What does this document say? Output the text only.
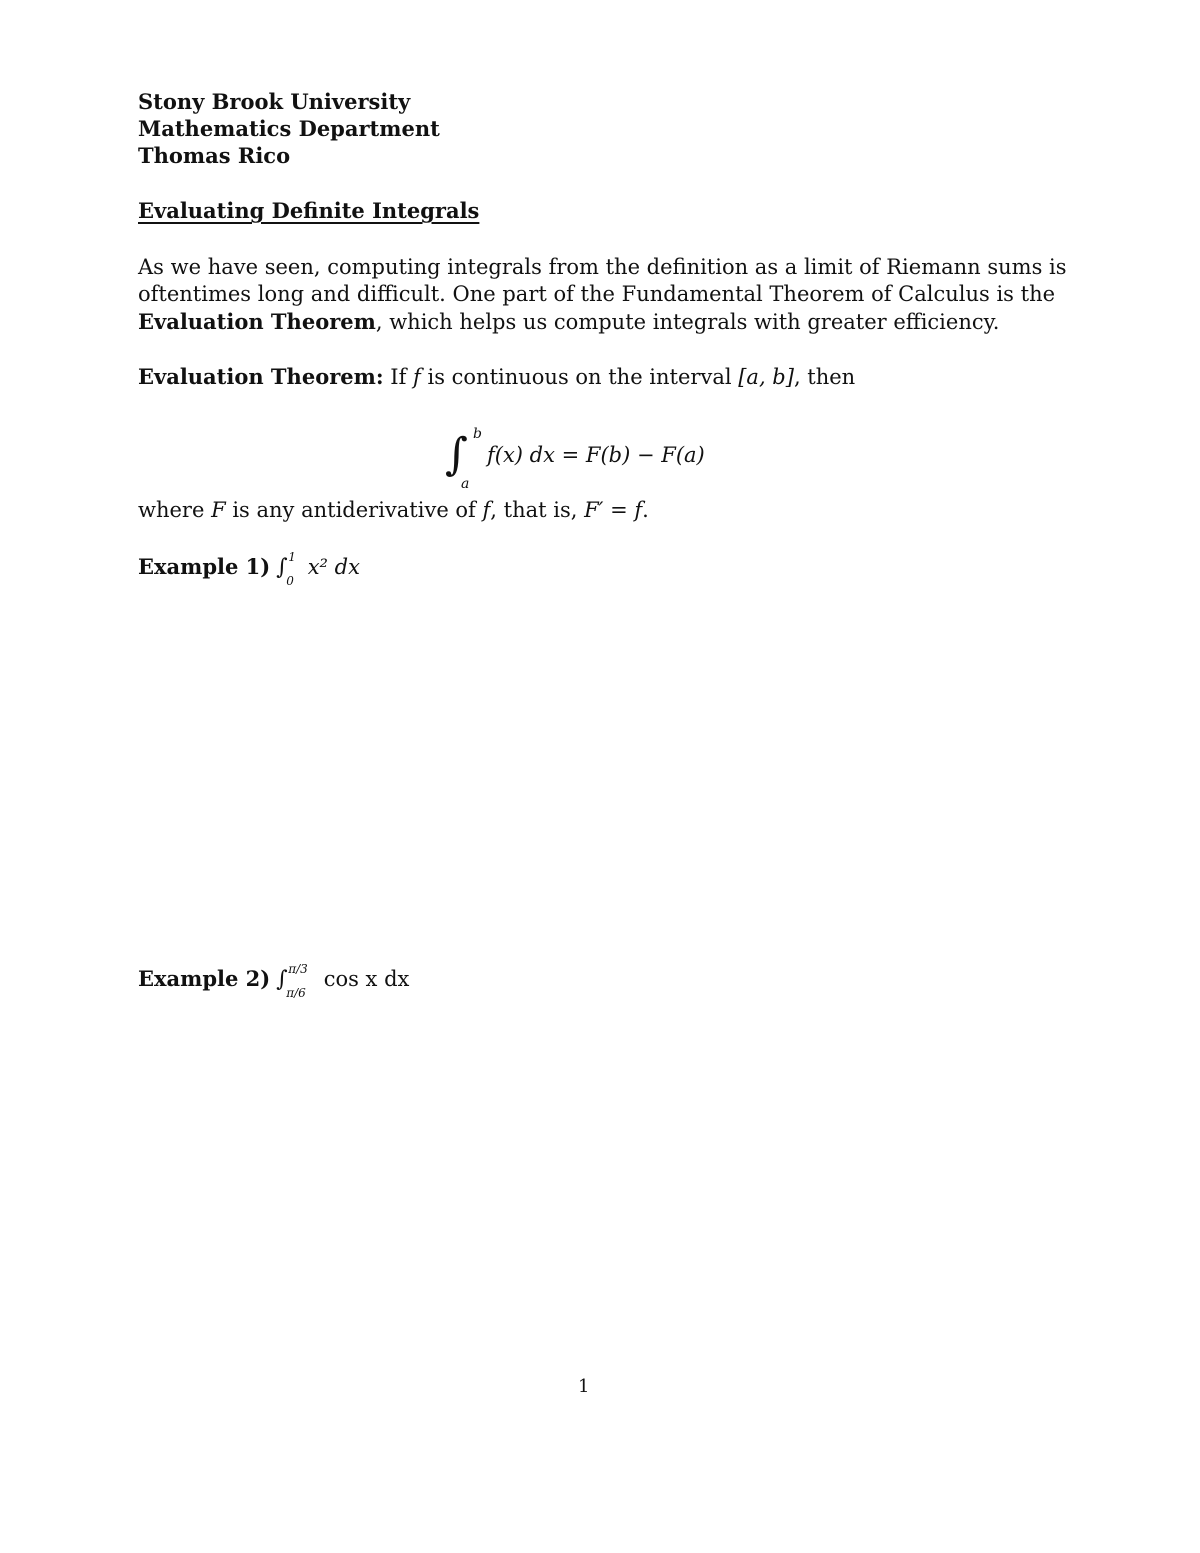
Stony Brook University
Mathematics Department
Thomas Rico
Evaluating Definite Integrals
As we have seen, computing integrals from the definition as a limit of Riemann sums is
oftentimes long and difficult. One part of the Fundamental Theorem of Calculus is the
Evaluation Theorem, which helps us compute integrals with greater efficiency.
Evaluation Theorem: If f is continuous on the interval [a, b], then
∫ b
a
f(x) dx = F(b) − F(a)
where F is any antiderivative of f, that is, F′ = f.
Example 1) ∫ 1
0
x² dx
Example 2) ∫ π/3
π/6
cos x dx
1
